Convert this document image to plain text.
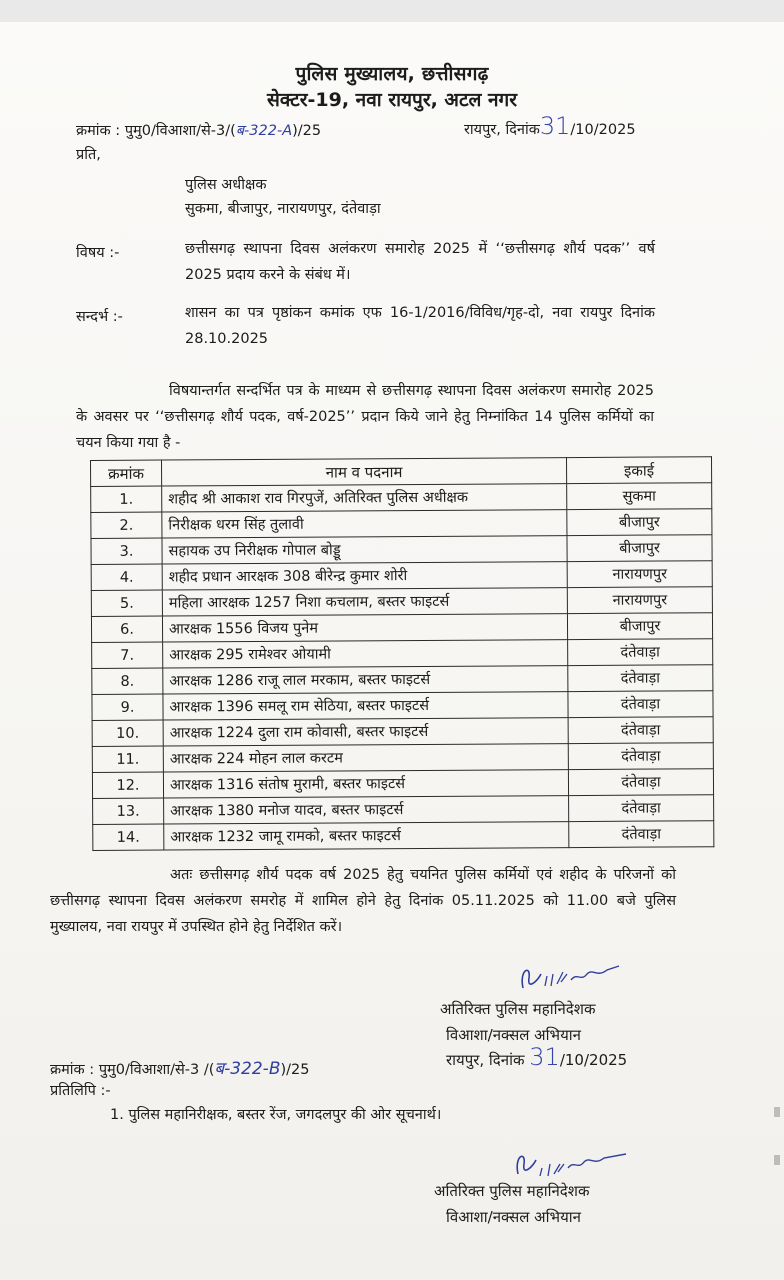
पुलिस मुख्यालय, छत्तीसगढ़
सेक्टर-19, नवा रायपुर, अटल नगर
क्रमांक : पुमु0/विआशा/से-3/(ब-322-A)/25	रायपुर, दिनांक31/10/2025
प्रति,
पुलिस अधीक्षक
सुकमा, बीजापुर, नारायणपुर, दंतेवाड़ा
विषय :-	छत्तीसगढ़ स्थापना दिवस अलंकरण समारोह 2025 में ‘‘छत्तीसगढ़ शौर्य पदक’’ वर्ष 2025 प्रदाय करने के संबंध में।
सन्दर्भ :-	शासन का पत्र पृष्ठांकन कमांक एफ 16-1/2016/विविध/गृह-दो, नवा रायपुर दिनांक 28.10.2025
विषयान्तर्गत सन्दर्भित पत्र के माध्यम से छत्तीसगढ़ स्थापना दिवस अलंकरण समारोह 2025 के अवसर पर ‘‘छत्तीसगढ़ शौर्य पदक, वर्ष-2025’’ प्रदान किये जाने हेतु निम्नांकित 14 पुलिस कर्मियों का चयन किया गया है -
क्रमांक	नाम व पदनाम	इकाई
1.	शहीद श्री आकाश राव गिरपुजें, अतिरिक्त पुलिस अधीक्षक	सुकमा
2.	निरीक्षक धरम सिंह तुलावी	बीजापुर
3.	सहायक उप निरीक्षक गोपाल बोड्डू	बीजापुर
4.	शहीद प्रधान आरक्षक 308 बीरेन्द्र कुमार शोरी	नारायणपुर
5.	महिला आरक्षक 1257 निशा कचलाम, बस्तर फाइटर्स	नारायणपुर
6.	आरक्षक 1556 विजय पुनेम	बीजापुर
7.	आरक्षक 295 रामेश्वर ओयामी	दंतेवाड़ा
8.	आरक्षक 1286 राजू लाल मरकाम, बस्तर फाइटर्स	दंतेवाड़ा
9.	आरक्षक 1396 समलू राम सेठिया, बस्तर फाइटर्स	दंतेवाड़ा
10.	आरक्षक 1224 दुला राम कोवासी, बस्तर फाइटर्स	दंतेवाड़ा
11.	आरक्षक 224 मोहन लाल करटम	दंतेवाड़ा
12.	आरक्षक 1316 संतोष मुरामी, बस्तर फाइटर्स	दंतेवाड़ा
13.	आरक्षक 1380 मनोज यादव, बस्तर फाइटर्स	दंतेवाड़ा
14.	आरक्षक 1232 जामू रामको, बस्तर फाइटर्स	दंतेवाड़ा
अतः छत्तीसगढ़ शौर्य पदक वर्ष 2025 हेतु चयनित पुलिस कर्मियों एवं शहीद के परिजनों को छत्तीसगढ़ स्थापना दिवस अलंकरण समरोह में शामिल होने हेतु दिनांक 05.11.2025 को 11.00 बजे पुलिस मुख्यालय, नवा रायपुर में उपस्थित होने हेतु निर्देशित करें।
अतिरिक्त पुलिस महानिदेशक
विआशा/नक्सल अभियान
रायपुर, दिनांक 31/10/2025
क्रमांक : पुमु0/विआशा/से-3 /(ब-322-B)/25
प्रतिलिपि :-
1. पुलिस महानिरीक्षक, बस्तर रेंज, जगदलपुर की ओर सूचनार्थ।
अतिरिक्त पुलिस महानिदेशक
विआशा/नक्सल अभियान
